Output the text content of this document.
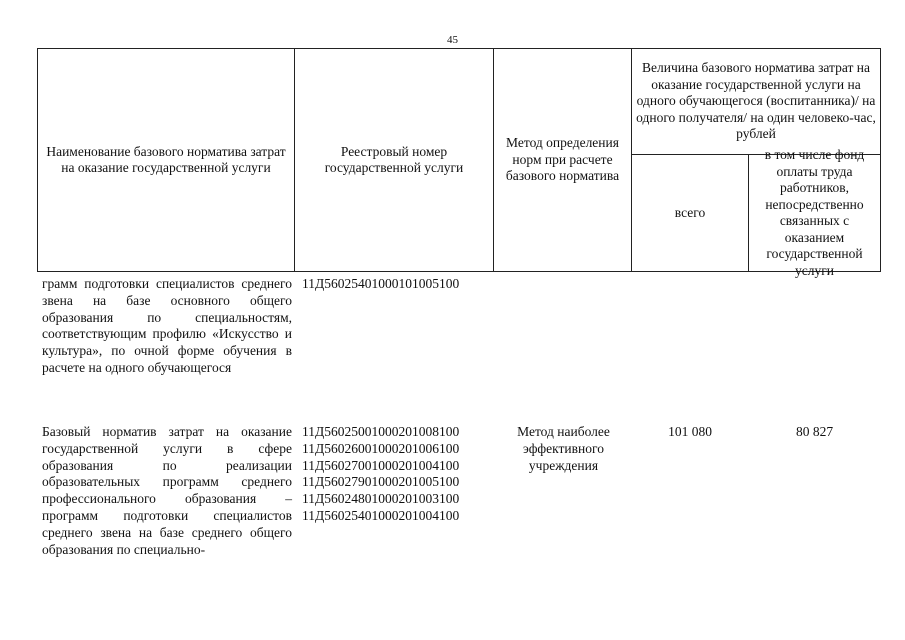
45
Наименование базового норматива затрат на оказание государственной услуги
Реестровый номер государственной услуги
Метод определения норм при расчете базового норматива
Величина базового норматива затрат на оказание государственной услуги на одного обучающегося (воспитанника)/ на одного получателя/ на один человеко-час, рублей
всего
в том числе фонд оплаты труда работников, непосредственно связанных с оказанием государственной услуги
грамм подготовки специалистов среднего звена на базе основного общего образования по специальностям, соответствующим профилю «Искусство и культура», по очной форме обучения в расчете на одного обучающегося
11Д56025401000101005100
Базовый норматив затрат на оказание государственной услуги в сфере образования по реализации образовательных программ среднего профессионального образования – программ подготовки специалистов среднего звена на базе среднего общего образования по специально-
11Д56025001000201008100
11Д56026001000201006100
11Д56027001000201004100
11Д56027901000201005100
11Д56024801000201003100
11Д56025401000201004100
Метод наиболее эффективного учреждения
101 080	80 827
